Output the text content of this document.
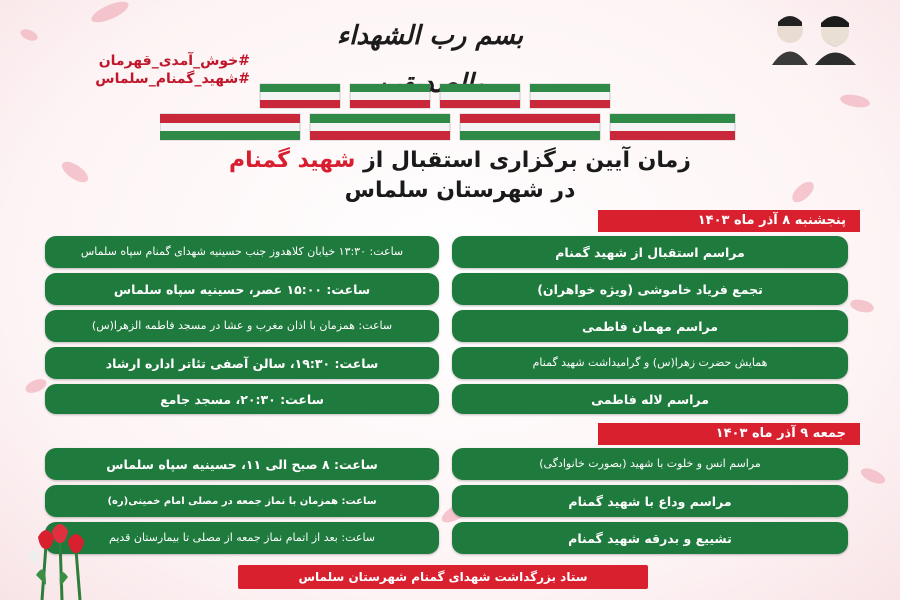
بسم رب الشهداء
#خوش_آمدی_قهرمان
#شهید_گمنام_سلماس
زمان آیین برگزاری استقبال از شهید گمنام
در شهرستان سلماس
پنجشنبه ۸ آذر ماه ۱۴۰۳
مراسم استقبال از شهید گمنام
ساعت: ۱۳:۳۰ خیابان کلاهدوز جنب حسینیه شهدای گمنام سپاه سلماس
تجمع فریاد خاموشی (ویژه خواهران)
ساعت: ۱۵:۰۰ عصر، حسینیه سپاه سلماس
مراسم مهمان فاطمی
ساعت: همزمان با اذان مغرب و عشا در مسجد فاطمه الزهرا(س)
همایش حضرت زهرا(س) و گرامیداشت شهید گمنام
ساعت: ۱۹:۳۰، سالن آصفی تئاتر اداره ارشاد
مراسم لاله فاطمی
ساعت: ۲۰:۳۰، مسجد جامع
جمعه ۹ آذر ماه ۱۴۰۳
مراسم انس و خلوت با شهید (بصورت خانوادگی)
ساعت: ۸ صبح الی ۱۱، حسینیه سپاه سلماس
مراسم وداع با شهید گمنام
ساعت: همزمان با نماز جمعه در مصلی امام خمینی(ره)
تشییع و بدرقه شهید گمنام
ساعت: بعد از اتمام نماز جمعه از مصلی تا بیمارستان قدیم
ستاد بزرگداشت شهدای گمنام شهرستان سلماس
